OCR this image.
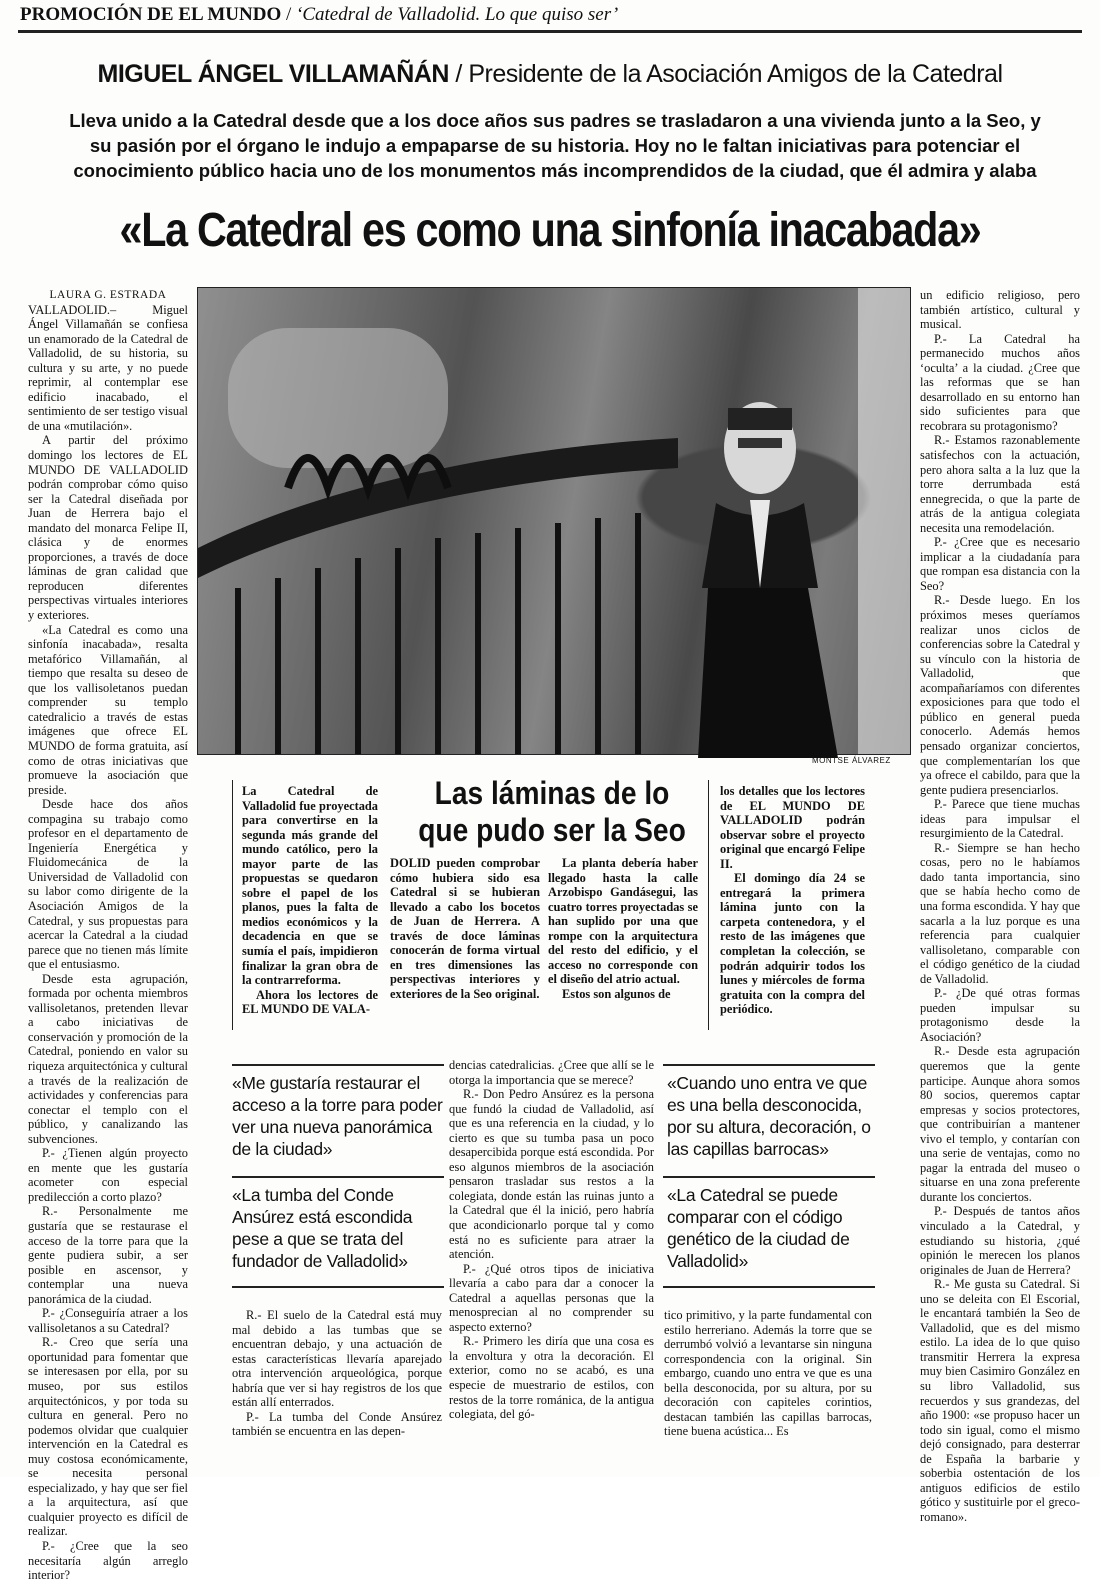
PROMOCIÓN DE EL MUNDO / ‘Catedral de Valladolid. Lo que quiso ser’
MIGUEL ÁNGEL VILLAMAÑÁN / Presidente de la Asociación Amigos de la Catedral
Lleva unido a la Catedral desde que a los doce años sus padres se trasladaron a una vivienda junto a la Seo, y su pasión por el órgano le indujo a empaparse de su historia. Hoy no le faltan iniciativas para potenciar el conocimiento público hacia uno de los monumentos más incomprendidos de la ciudad, que él admira y alaba
«La Catedral es como una sinfonía inacabada»
LAURA G. ESTRADA

VALLADOLID.– Miguel Ángel Villamañán se confiesa un enamorado de la Catedral de Valladolid, de su historia, su cultura y su arte, y no puede reprimir, al contemplar ese edificio inacabado, el sentimiento de ser testigo visual de una «mutilación».

A partir del próximo domingo los lectores de EL MUNDO DE VALLADOLID podrán comprobar cómo quiso ser la Catedral diseñada por Juan de Herrera bajo el mandato del monarca Felipe II, clásica y de enormes proporciones, a través de doce láminas de gran calidad que reproducen diferentes perspectivas virtuales interiores y exteriores.

«La Catedral es como una sinfonía inacabada», resalta metafórico Villamañán, al tiempo que resalta su deseo de que los vallisoletanos puedan comprender su templo catedralicio a través de estas imágenes que ofrece EL MUNDO de forma gratuita, así como de otras iniciativas que promueve la asociación que preside.

Desde hace dos años compagina su trabajo como profesor en el departamento de Ingeniería Energética y Fluidomecánica de la Universidad de Valladolid con su labor como dirigente de la Asociación Amigos de la Catedral, y sus propuestas para acercar la Catedral a la ciudad parece que no tienen más límite que el entusiasmo.

Desde esta agrupación, formada por ochenta miembros vallisoletanos, pretenden llevar a cabo iniciativas de conservación y promoción de la Catedral, poniendo en valor su riqueza arquitectónica y cultural a través de la realización de actividades y conferencias para conectar el templo con el público, y canalizando las subvenciones.

P.- ¿Tienen algún proyecto en mente que les gustaría acometer con especial predilección a corto plazo?

R.- Personalmente me gustaría que se restaurase el acceso de la torre para que la gente pudiera subir, a ser posible en ascensor, y contemplar una nueva panorámica de la ciudad.

P.- ¿Conseguiría atraer a los vallisoletanos a su Catedral?

R.- Creo que sería una oportunidad para fomentar que se interesasen por ella, por su museo, por sus estilos arquitectónicos, y por toda su cultura en general. Pero no podemos olvidar que cualquier intervención en la Catedral es muy costosa económicamente, se necesita personal especializado, y hay que ser fiel a la arquitectura, así que cualquier proyecto es difícil de realizar.

P.- ¿Cree que la seo necesitaría algún arreglo interior?

MONTSE ÁLVAREZ
Las láminas de lo que pudo ser la Seo

La Catedral de Valladolid fue proyectada para convertirse en la segunda más grande del mundo católico, pero la mayor parte de las propuestas se quedaron sobre el papel de los planos, pues la falta de medios económicos y la decadencia en que se sumía el país, impidieron finalizar la gran obra de la contrarreforma.

Ahora los lectores de EL MUNDO DE VALA-

DOLID pueden comprobar cómo hubiera sido esa Catedral si se hubieran llevado a cabo los bocetos de Juan de Herrera. A través de doce láminas conocerán de forma virtual en tres dimensiones las perspectivas interiores y exteriores de la Seo original.

La planta debería haber llegado hasta la calle Arzobispo Gandásegui, las cuatro torres proyectadas se han suplido por una que rompe con la arquitectura del resto del edificio, y el acceso no corresponde con el diseño del atrio actual.

Estos son algunos de

los detalles que los lectores de EL MUNDO DE VALLADOLID podrán observar sobre el proyecto original que encargó Felipe II.

El domingo día 24 se entregará la primera lámina junto con la carpeta contenedora, y el resto de las imágenes que completan la colección, se podrán adquirir todos los lunes y miércoles de forma gratuita con la compra del periódico.

«Me gustaría restaurar el acceso a la torre para poder ver una nueva panorámica de la ciudad»
«La tumba del Conde Ansúrez está escondida pese a que se trata del fundador de Valladolid»
«Cuando uno entra ve que es una bella desconocida, por su altura, decoración, o las capillas barrocas»
«La Catedral se puede comparar con el código genético de la ciudad de Valladolid»

R.- El suelo de la Catedral está muy mal debido a las tumbas que se encuentran debajo, y una actuación de estas características llevaría aparejado otra intervención arqueológica, porque habría que ver si hay registros de los que están allí enterrados.

P.- La tumba del Conde Ansúrez también se encuentra en las depen-

dencias catedralicias. ¿Cree que allí se le otorga la importancia que se merece?

R.- Don Pedro Ansúrez es la persona que fundó la ciudad de Valladolid, así que es una referencia en la ciudad, y lo cierto es que su tumba pasa un poco desapercibida porque está escondida. Por eso algunos miembros de la asociación pensaron trasladar sus restos a la colegiata, donde están las ruinas junto a la Catedral que él la inició, pero habría que acondicionarlo porque tal y como está no es suficiente para atraer la atención.

P.- ¿Qué otros tipos de iniciativa llevaría a cabo para dar a conocer la Catedral a aquellas personas que la menosprecian al no comprender su aspecto externo?

R.- Primero les diría que una cosa es la envoltura y otra la decoración. El exterior, como no se acabó, es una especie de muestrario de estilos, con restos de la torre románica, de la antigua colegiata, del gó-

tico primitivo, y la parte fundamental con estilo herreriano. Además la torre que se derrumbó volvió a levantarse sin ninguna correspondencia con la original. Sin embargo, cuando uno entra ve que es una bella desconocida, por su altura, por su decoración con capiteles corintios, destacan también las capillas barrocas, tiene buena acústica... Es

un edificio religioso, pero también artístico, cultural y musical.

P.- La Catedral ha permanecido muchos años ‘oculta’ a la ciudad. ¿Cree que las reformas que se han desarrollado en su entorno han sido suficientes para que recobrara su protagonismo?

R.- Estamos razonablemente satisfechos con la actuación, pero ahora salta a la luz que la torre derrumbada está ennegrecida, o que la parte de atrás de la antigua colegiata necesita una remodelación.

P.- ¿Cree que es necesario implicar a la ciudadanía para que rompan esa distancia con la Seo?

R.- Desde luego. En los próximos meses queríamos realizar unos ciclos de conferencias sobre la Catedral y su vínculo con la historia de Valladolid, que acompañaríamos con diferentes exposiciones para que todo el público en general pueda conocerlo. Además hemos pensado organizar conciertos, que complementarían los que ya ofrece el cabildo, para que la gente pudiera presenciarlos.

P.- Parece que tiene muchas ideas para impulsar el resurgimiento de la Catedral.

R.- Siempre se han hecho cosas, pero no le habíamos dado tanta importancia, sino que se había hecho como de una forma escondida. Y hay que sacarla a la luz porque es una referencia para cualquier vallisoletano, comparable con el código genético de la ciudad de Valladolid.

P.- ¿De qué otras formas pueden impulsar su protagonismo desde la Asociación?

R.- Desde esta agrupación queremos que la gente participe. Aunque ahora somos 80 socios, queremos captar empresas y socios protectores, que contribuirían a mantener vivo el templo, y contarían con una serie de ventajas, como no pagar la entrada del museo o situarse en una zona preferente durante los conciertos.

P.- Después de tantos años vinculado a la Catedral, y estudiando su historia, ¿qué opinión le merecen los planos originales de Juan de Herrera?

R.- Me gusta su Catedral. Si uno se deleita con El Escorial, le encantará también la Seo de Valladolid, que es del mismo estilo. La idea de lo que quiso transmitir Herrera la expresa muy bien Casimiro González en su libro Valladolid, sus recuerdos y sus grandezas, del año 1900: «se propuso hacer un todo sin igual, como el mismo dejó consignado, para desterrar de España la barbarie y soberbia ostentación de los antiguos edificios de estilo gótico y sustituirle por el greco-romano».
